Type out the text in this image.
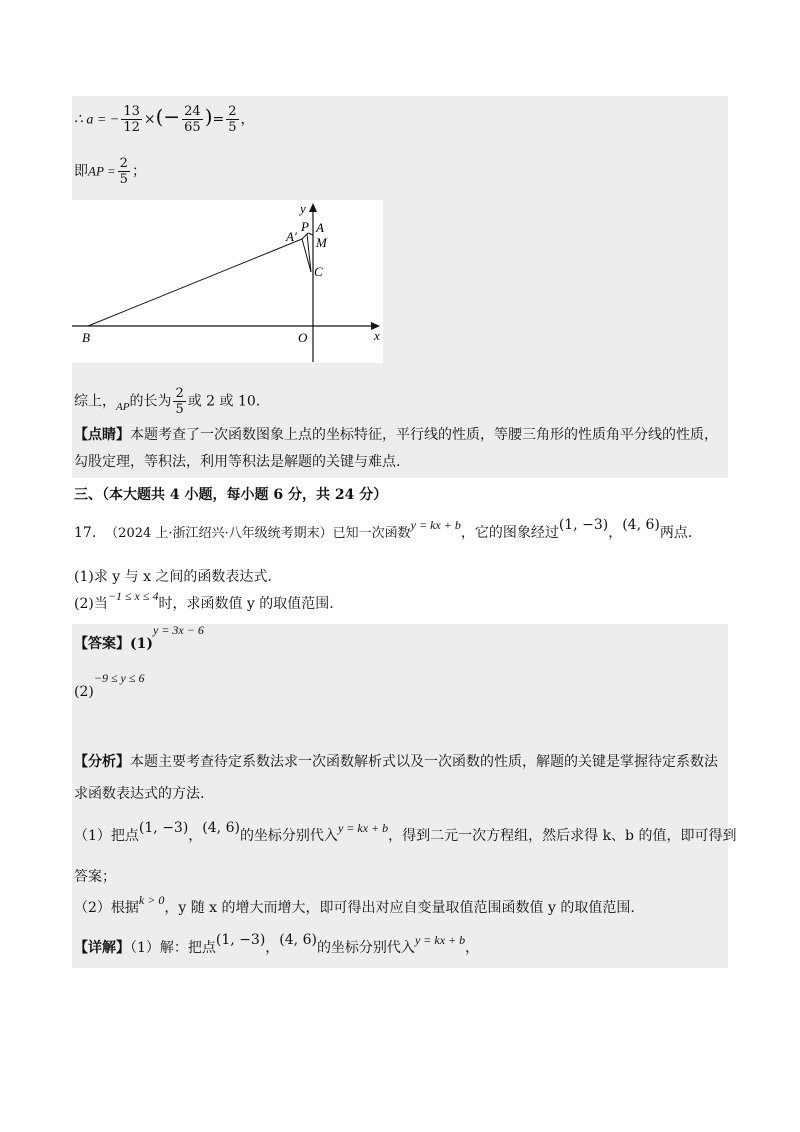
∴ a = − $\frac{13}{12}$ ×(− $\frac{24}{65}$ )= $\frac{2}{5}$ ，
即AP = $\frac{2}{5}$ ；
y
x
A′
P A
M
C
B	O
综上，$_{AP}$的长为 $\frac{2}{5}$ 或 2 或 10.
【点睛】本题考查了一次函数图象上点的坐标特征，平行线的性质，等腰三角形的性质角平分线的性质，
勾股定理，等积法，利用等积法是解题的关键与难点.
三、（本大题共 4 小题，每小题 6 分，共 24 分）
17. （2024 上·浙江绍兴·八年级统考期末）已知一次函数y = kx + b，它的图象经过(1, −3)，(4, 6)两点.
(1)求 y 与 x 之间的函数表达式.
(2)当−1 ≤ x ≤ 4时，求函数值 y 的取值范围.
【答案】(1)y = 3x − 6
(2)−9 ≤ y ≤ 6
【分析】本题主要考查待定系数法求一次函数解析式以及一次函数的性质，解题的关键是掌握待定系数法
求函数表达式的方法.
（1）把点(1, −3)，(4, 6)的坐标分别代入y = kx + b，得到二元一次方程组，然后求得 k、b 的值，即可得到
答案；
（2）根据k > 0，y 随 x 的增大而增大，即可得出对应自变量取值范围函数值 y 的取值范围.
【详解】（1）解：把点(1, −3)，(4, 6)的坐标分别代入y = kx + b，
